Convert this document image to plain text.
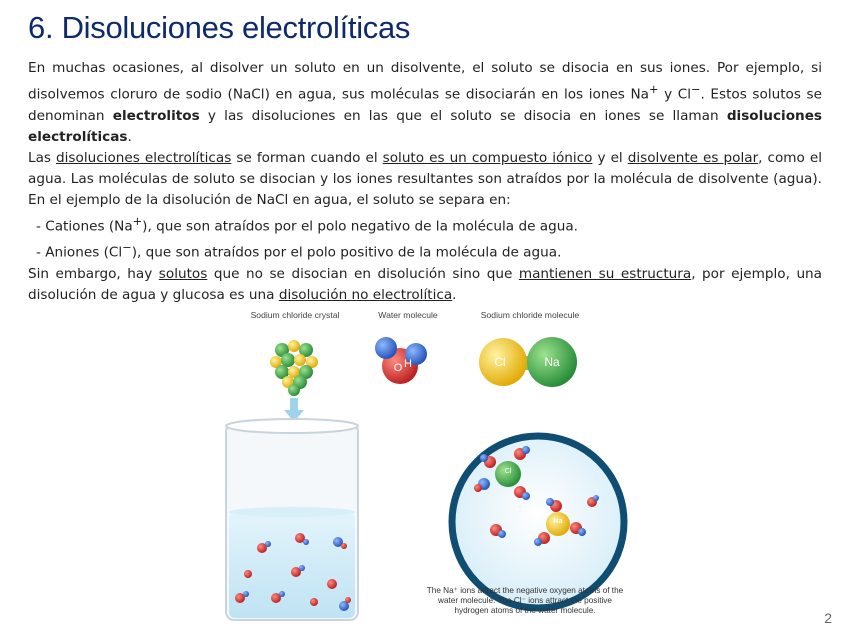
6. Disoluciones electrolíticas

En muchas ocasiones, al disolver un soluto en un disolvente, el soluto se disocia en sus iones. Por ejemplo, si disolvemos cloruro de sodio (NaCl) en agua, sus moléculas se disociarán en los iones Na+ y Cl−. Estos solutos se denominan electrolitos y las disoluciones en las que el soluto se disocia en iones se llaman disoluciones electrolíticas.

Las disoluciones electrolíticas se forman cuando el soluto es un compuesto iónico y el disolvente es polar, como el agua. Las moléculas de soluto se disocian y los iones resultantes son atraídos por la molécula de disolvente (agua). En el ejemplo de la disolución de NaCl en agua, el soluto se separa en:

- Cationes (Na+), que son atraídos por el polo negativo de la molécula de agua.

- Aniones (Cl−), que son atraídos por el polo positivo de la molécula de agua.

Sin embargo, hay solutos que no se disocian en disolución sino que mantienen su estructura, por ejemplo, una disolución de agua y glucosa es una disolución no electrolítica.

Sodium chloride crystal	Water molecule	Sodium chloride molecule
H
O	Cl	Na
Cl
Na
The Na⁺ ions attract the negative oxygen atoms of the water molecule. The Cl⁻ ions attract the positive hydrogen atoms of the water molecule.	2
